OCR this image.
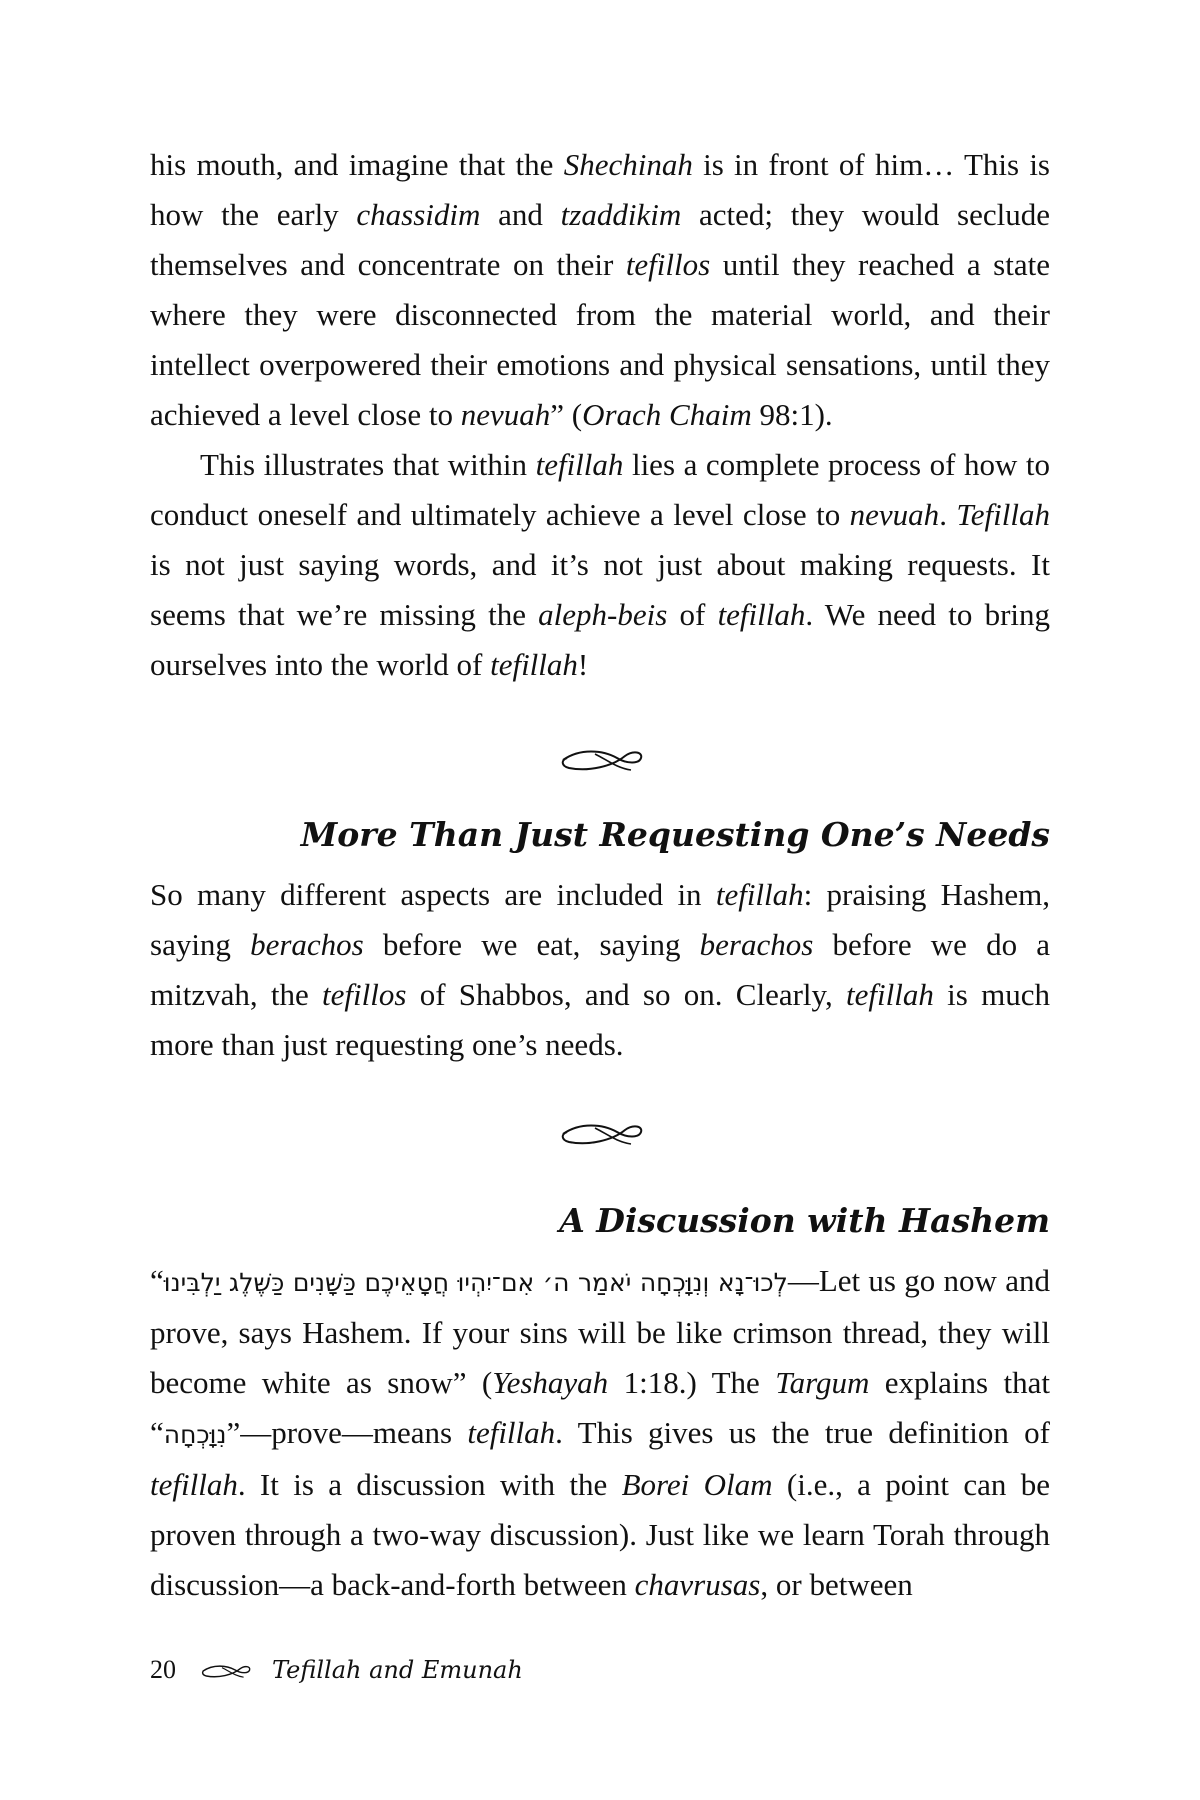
his mouth, and imagine that the Shechinah is in front of him… This is how the early chassidim and tzaddikim acted; they would seclude themselves and concentrate on their tefillos until they reached a state where they were disconnected from the material world, and their intellect overpowered their emotions and physical sensations, until they achieved a level close to nevuah” (Orach Chaim 98:1).

This illustrates that within tefillah lies a complete process of how to conduct oneself and ultimately achieve a level close to nevuah. Tefillah is not just saying words, and it’s not just about making requests. It seems that we’re missing the aleph-beis of tefillah. We need to bring ourselves into the world of tefillah!

More Than Just Requesting One’s Needs

So many different aspects are included in tefillah: praising Hashem, saying berachos before we eat, saying berachos before we do a mitzvah, the tefillos of Shabbos, and so on. Clearly, tefillah is much more than just requesting one’s needs.

A Discussion with Hashem

“לְכוּ־נָא וְנִוָּכְחָה יֹאמַר ה׳ אִם־יִהְיוּ חֲטָאֵיכֶם כַּשָּׁנִים כַּשֶּׁלֶג יַלְבִּינוּ—Let us go now and prove, says Hashem. If your sins will be like crimson thread, they will become white as snow” (Yeshayah 1:18.) The Targum explains that “נִוָּכְחָה”—prove—means tefillah. This gives us the true definition of tefillah. It is a discussion with the Borei Olam (i.e., a point can be proven through a two-way discussion). Just like we learn Torah through discussion—a back-and-forth between chavrusas, or between

20	Tefillah and Emunah
